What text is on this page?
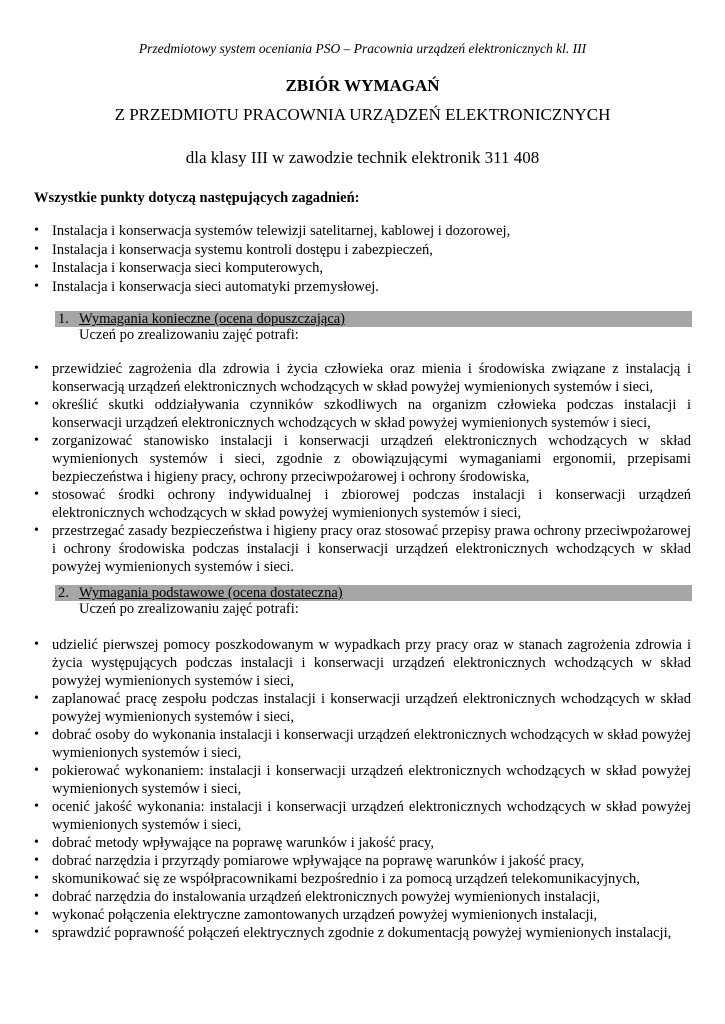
Przedmiotowy system oceniania PSO – Pracownia urządzeń elektronicznych kl. III
ZBIÓR WYMAGAŃ
Z PRZEDMIOTU PRACOWNIA URZĄDZEŃ ELEKTRONICZNYCH
dla klasy III w zawodzie technik elektronik 311 408
Wszystkie punkty dotyczą następujących zagadnień:
• Instalacja i konserwacja systemów telewizji satelitarnej, kablowej i dozorowej,
• Instalacja i konserwacja systemu kontroli dostępu i zabezpieczeń,
• Instalacja i konserwacja sieci komputerowych,
• Instalacja i konserwacja sieci automatyki przemysłowej.
1. Wymagania konieczne (ocena dopuszczająca)
Uczeń po zrealizowaniu zajęć potrafi:
• przewidzieć zagrożenia dla zdrowia i życia człowieka oraz mienia i środowiska związane z instalacją i konserwacją urządzeń elektronicznych wchodzących w skład powyżej wymienionych systemów i sieci,
• określić skutki oddziaływania czynników szkodliwych na organizm człowieka podczas instalacji i konserwacji urządzeń elektronicznych wchodzących w skład powyżej wymienionych systemów i sieci,
• zorganizować stanowisko instalacji i konserwacji urządzeń elektronicznych wchodzących w skład wymienionych systemów i sieci, zgodnie z obowiązującymi wymaganiami ergonomii, przepisami bezpieczeństwa i higieny pracy, ochrony przeciwpożarowej i ochrony środowiska,
• stosować środki ochrony indywidualnej i zbiorowej podczas instalacji i konserwacji urządzeń elektronicznych wchodzących w skład powyżej wymienionych systemów i sieci,
• przestrzegać zasady bezpieczeństwa i higieny pracy oraz stosować przepisy prawa ochrony przeciwpożarowej i ochrony środowiska podczas instalacji i konserwacji urządzeń elektronicznych wchodzących w skład powyżej wymienionych systemów i sieci.
2. Wymagania podstawowe (ocena dostateczna)
Uczeń po zrealizowaniu zajęć potrafi:
• udzielić pierwszej pomocy poszkodowanym w wypadkach przy pracy oraz w stanach zagrożenia zdrowia i życia występujących podczas instalacji i konserwacji urządzeń elektronicznych wchodzących w skład powyżej wymienionych systemów i sieci,
• zaplanować pracę zespołu podczas instalacji i konserwacji urządzeń elektronicznych wchodzących w skład powyżej wymienionych systemów i sieci,
• dobrać osoby do wykonania instalacji i konserwacji urządzeń elektronicznych wchodzących w skład powyżej wymienionych systemów i sieci,
• pokierować wykonaniem: instalacji i konserwacji urządzeń elektronicznych wchodzących w skład powyżej wymienionych systemów i sieci,
• ocenić jakość wykonania: instalacji i konserwacji urządzeń elektronicznych wchodzących w skład powyżej wymienionych systemów i sieci,
• dobrać metody wpływające na poprawę warunków i jakość pracy,
• dobrać narzędzia i przyrządy pomiarowe wpływające na poprawę warunków i jakość pracy,
• skomunikować się ze współpracownikami bezpośrednio i za pomocą urządzeń telekomunikacyjnych,
• dobrać narzędzia do instalowania urządzeń elektronicznych powyżej wymienionych instalacji,
• wykonać połączenia elektryczne zamontowanych urządzeń powyżej wymienionych instalacji,
• sprawdzić poprawność połączeń elektrycznych zgodnie z dokumentacją powyżej wymienionych instalacji,
